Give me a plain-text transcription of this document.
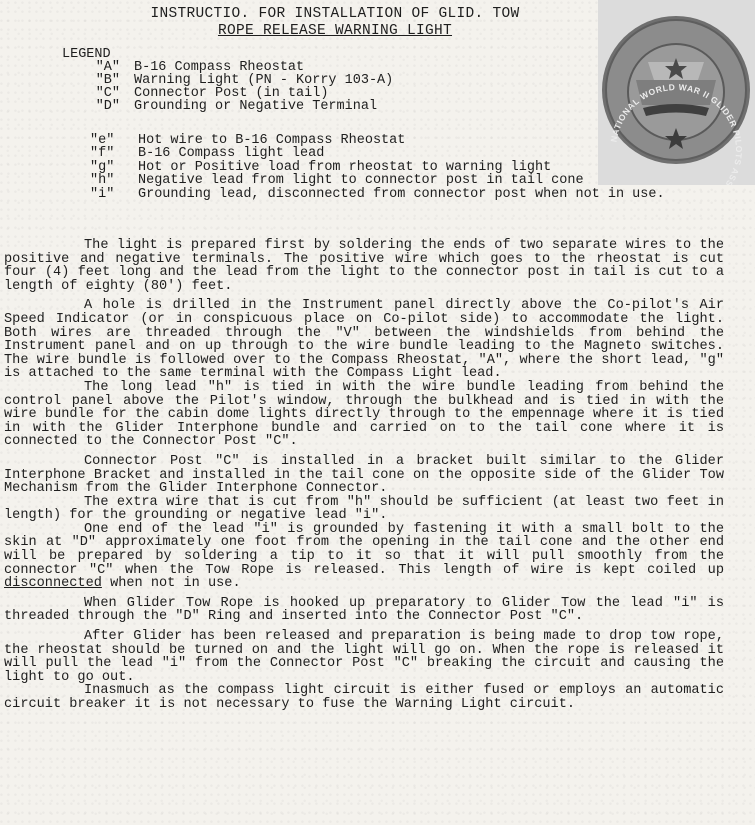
INSTRUCTIO. FOR INSTALLATION OF GLID. TOW
ROPE RELEASE WARNING LIGHT
NATIONAL WORLD WAR II GLIDER PILOTS ASS
LEGEND
"A"	B-16 Compass Rheostat
"B"	Warning Light (PN - Korry 103-A)
"C"	Connector Post (in tail)
"D"	Grounding or Negative Terminal
"e"	Hot wire to B-16 Compass Rheostat
"f"	B-16 Compass light lead
"g"	Hot or Positive load from rheostat to warning light
"h"	Negative lead from light to connector post in tail cone
"i"	Grounding lead, disconnected from connector post when not in use.

The light is prepared first by soldering the ends of two separate wires to the positive and negative terminals. The positive wire which goes to the rheostat is cut four (4) feet long and the lead from the light to the connector post in tail is cut to a length of eighty (80') feet.

A hole is drilled in the Instrument panel directly above the Co-pilot's Air Speed Indicator (or in conspicuous place on Co-pilot side) to accommodate the light. Both wires are threaded through the "V" between the windshields from behind the Instrument panel and on up through to the wire bundle leading to the Magneto switches. The wire bundle is followed over to the Compass Rheostat, "A", where the short lead, "g" is attached to the same terminal with the Compass Light lead.

The long lead "h" is tied in with the wire bundle leading from behind the control panel above the Pilot's window, through the bulkhead and is tied in with the wire bundle for the cabin dome lights directly through to the empennage where it is tied in with the Glider Interphone bundle and carried on to the tail cone where it is connected to the Connector Post "C".

Connector Post "C" is installed in a bracket built similar to the Glider Interphone Bracket and installed in the tail cone on the opposite side of the Glider Tow Mechanism from the Glider Interphone Connector.

The extra wire that is cut from "h" should be sufficient (at least two feet in length) for the grounding or negative lead "i".

One end of the lead "i" is grounded by fastening it with a small bolt to the skin at "D" approximately one foot from the opening in the tail cone and the other end will be prepared by soldering a tip to it so that it will pull smoothly from the connector "C" when the Tow Rope is released. This length of wire is kept coiled up disconnected when not in use.

When Glider Tow Rope is hooked up preparatory to Glider Tow the lead "i" is threaded through the "D" Ring and inserted into the Connector Post "C".

After Glider has been released and preparation is being made to drop tow rope, the rheostat should be turned on and the light will go on. When the rope is released it will pull the lead "i" from the Connector Post "C" breaking the circuit and causing the light to go out.

Inasmuch as the compass light circuit is either fused or employs an automatic circuit breaker it is not necessary to fuse the Warning Light circuit.
